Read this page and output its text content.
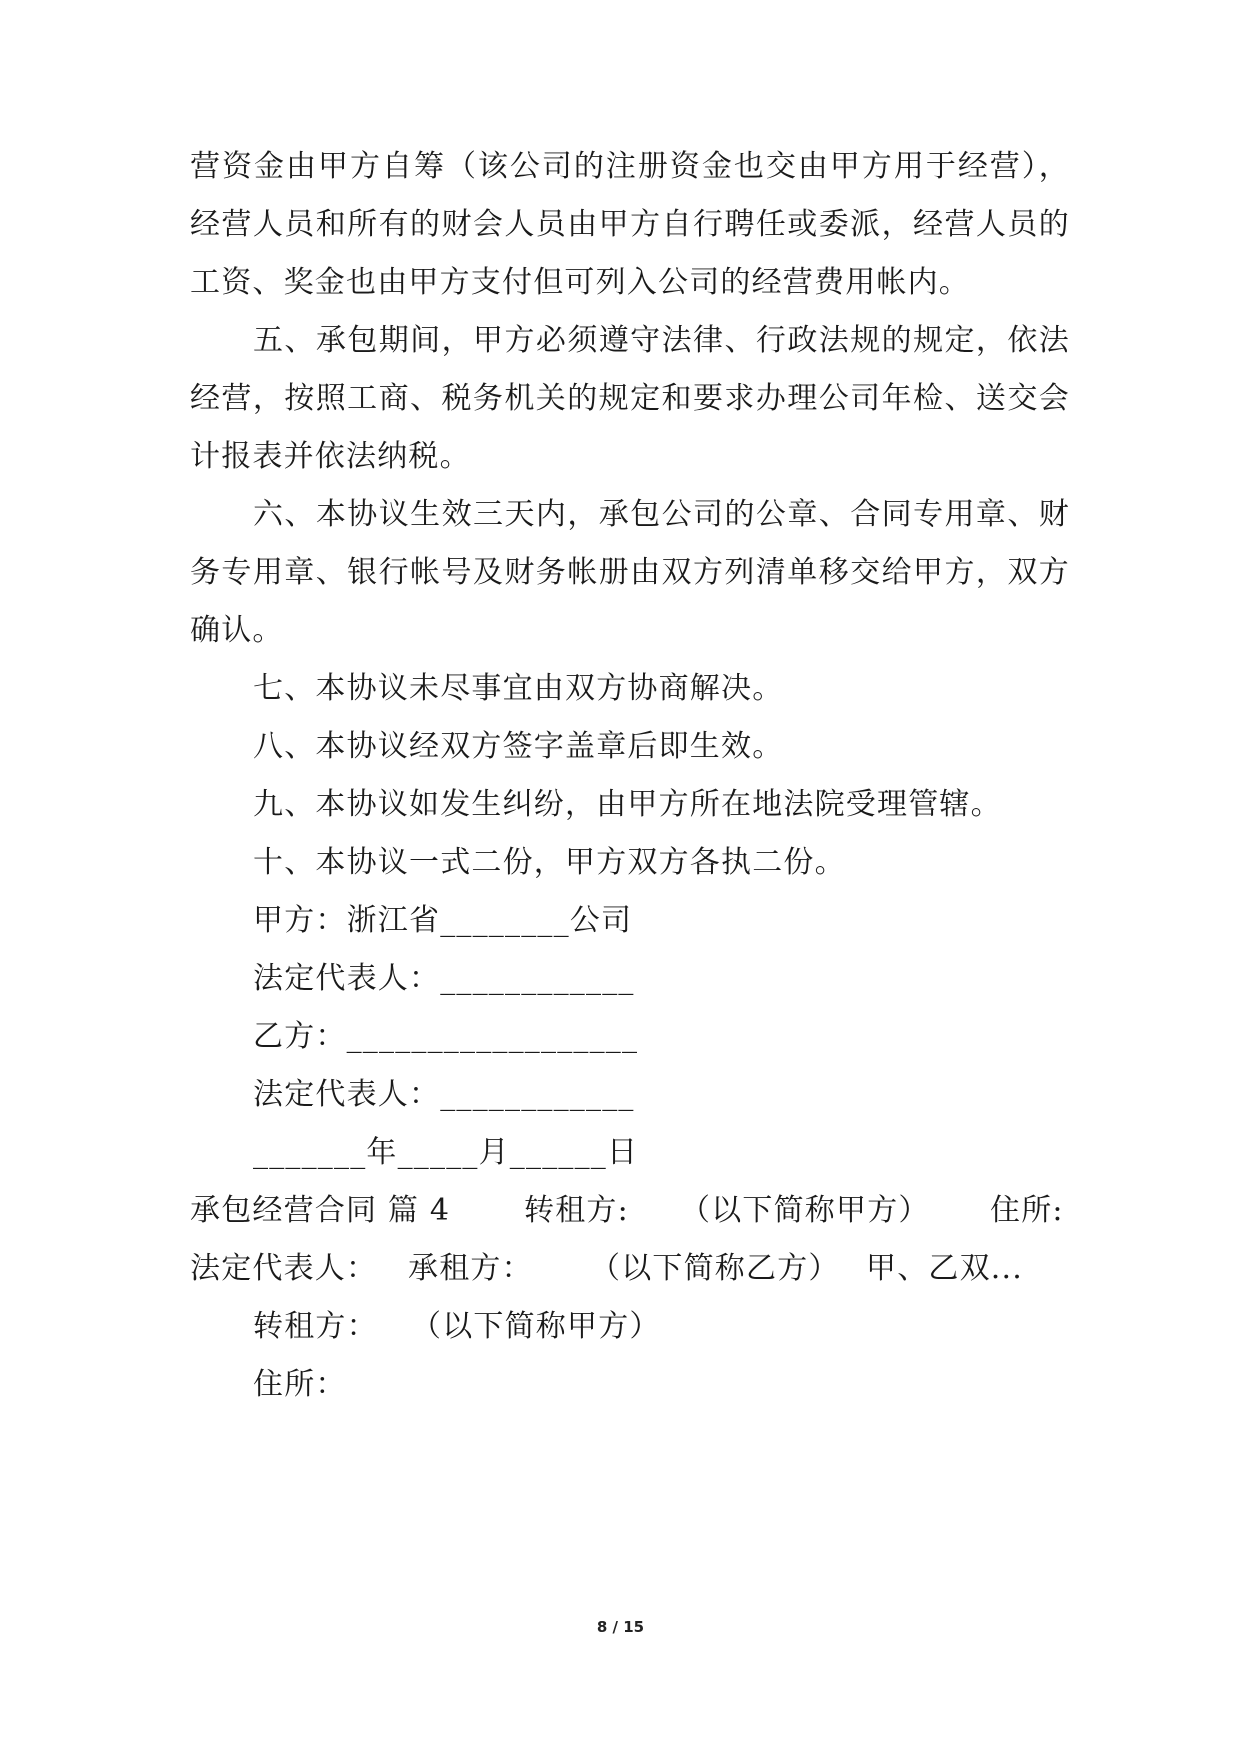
营资金由甲方自筹（该公司的注册资金也交由甲方用于经营），
经营人员和所有的财会人员由甲方自行聘任或委派，经营人员的
工资、奖金也由甲方支付但可列入公司的经营费用帐内。
五、承包期间，甲方必须遵守法律、行政法规的规定，依法
经营，按照工商、税务机关的规定和要求办理公司年检、送交会
计报表并依法纳税。
六、本协议生效三天内，承包公司的公章、合同专用章、财
务专用章、银行帐号及财务帐册由双方列清单移交给甲方，双方
确认。
七、本协议未尽事宜由双方协商解决。
八、本协议经双方签字盖章后即生效。
九、本协议如发生纠纷，由甲方所在地法院受理管辖。
十、本协议一式二份，甲方双方各执二份。
甲方：浙江省________公司
法定代表人：____________
乙方：__________________
法定代表人：____________
_______年_____月______日
承包经营合同 篇 4 转租方: （以下简称甲方） 住所:
法定代表人： 承租方： （以下简称乙方） 甲、乙双...
转租方： （以下简称甲方）
住所：
8 / 15
